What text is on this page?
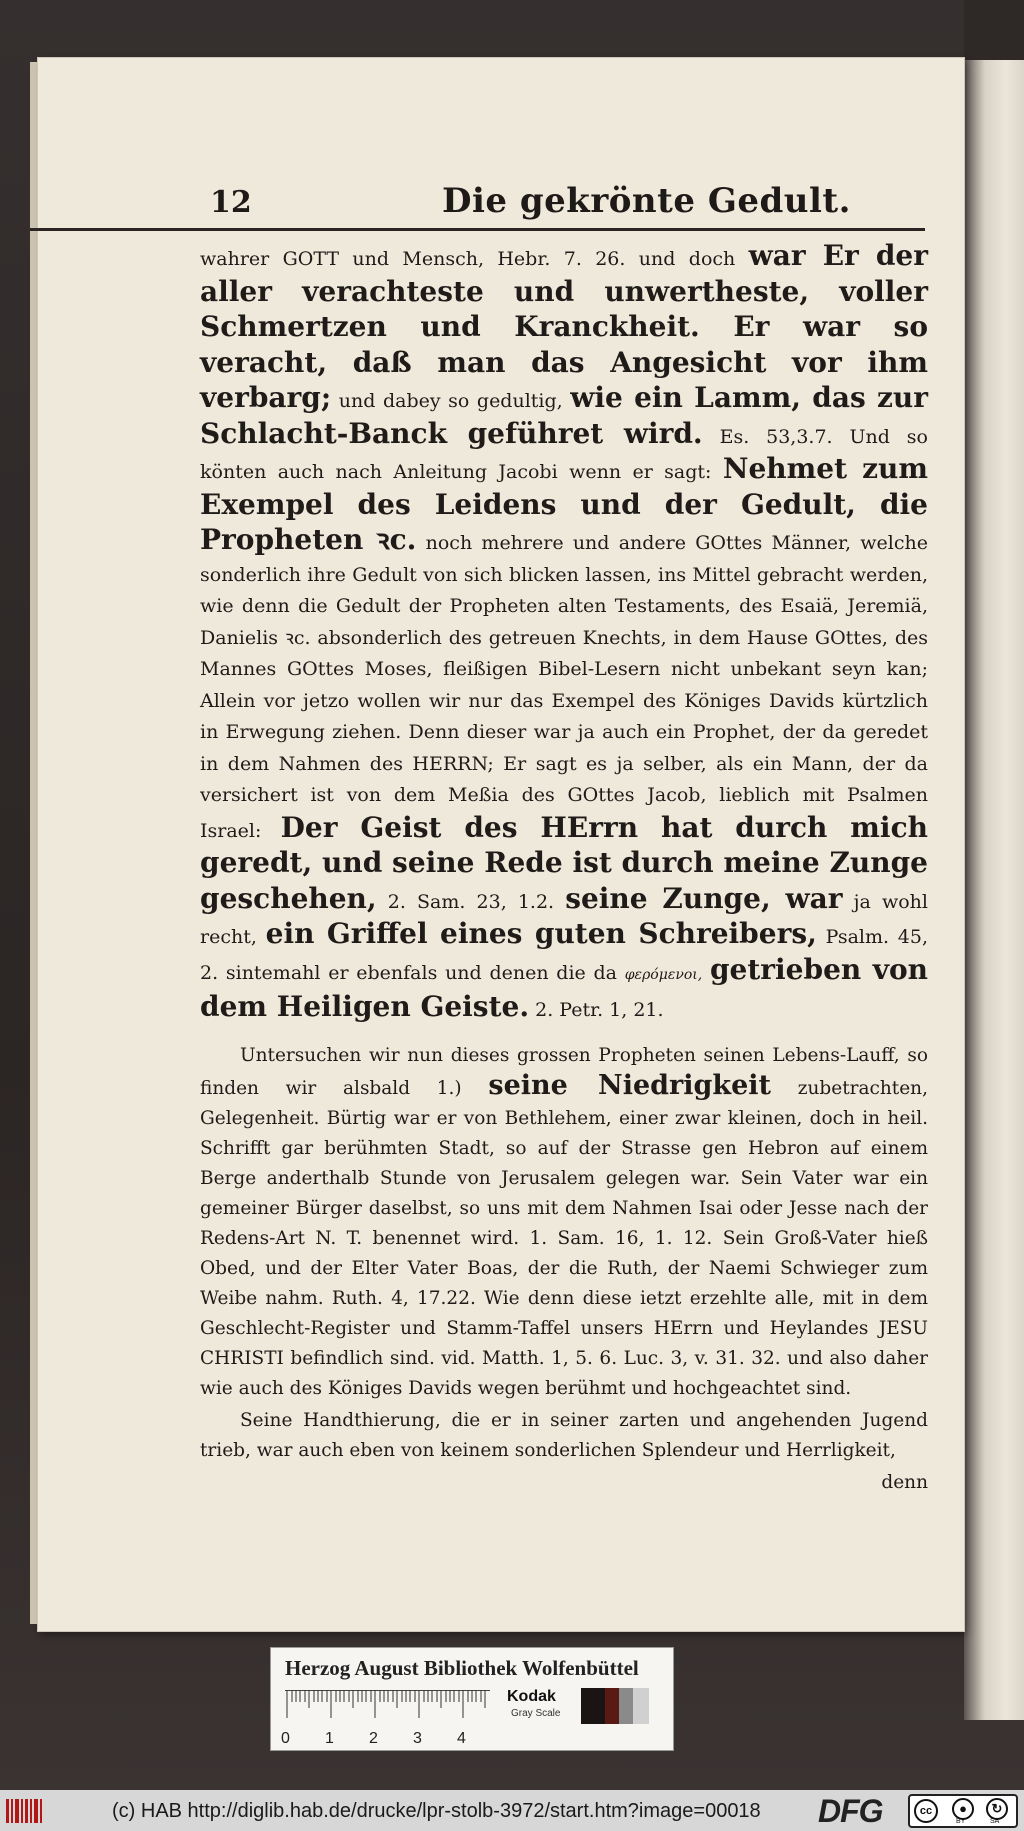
12	Die gekrönte Gedult.

wahrer GOTT und Mensch, Hebr. 7. 26. und doch war Er der aller verachteste und unwertheste, voller Schmertzen und Kranckheit. Er war so veracht, daß man das Angesicht vor ihm verbarg; und dabey so gedultig, wie ein Lamm, das zur Schlacht-Banck geführet wird. Es. 53,3.7. Und so könten auch nach Anleitung Jacobi wenn er sagt: Nehmet zum Exempel des Leidens und der Gedult, die Propheten ꝛc. noch mehrere und andere GOttes Männer, welche sonderlich ihre Gedult von sich blicken lassen, ins Mittel gebracht werden, wie denn die Gedult der Propheten alten Testaments, des Esaiä, Jeremiä, Danielis ꝛc. absonderlich des getreuen Knechts, in dem Hause GOttes, des Mannes GOttes Moses, fleißigen Bibel-Lesern nicht unbekant seyn kan; Allein vor jetzo wollen wir nur das Exempel des Königes Davids kürtzlich in Erwegung ziehen. Denn dieser war ja auch ein Prophet, der da geredet in dem Nahmen des HERRN; Er sagt es ja selber, als ein Mann, der da versichert ist von dem Meßia des GOttes Jacob, lieblich mit Psalmen Israel: Der Geist des HErrn hat durch mich geredt, und seine Rede ist durch meine Zunge geschehen, 2. Sam. 23, 1.2. seine Zunge, war ja wohl recht, ein Griffel eines guten Schreibers, Psalm. 45, 2. sintemahl er ebenfals und denen die da φερόμενοι, getrieben von dem Heiligen Geiste. 2. Petr. 1, 21.

Untersuchen wir nun dieses grossen Propheten seinen Lebens-Lauff, so finden wir alsbald 1.) seine Niedrigkeit zubetrachten, Gelegenheit. Bürtig war er von Bethlehem, einer zwar kleinen, doch in heil. Schrifft gar berühmten Stadt, so auf der Strasse gen Hebron auf einem Berge anderthalb Stunde von Jerusalem gelegen war. Sein Vater war ein gemeiner Bürger daselbst, so uns mit dem Nahmen Isai oder Jesse nach der Redens-Art N. T. benennet wird. 1. Sam. 16, 1. 12. Sein Groß-Vater hieß Obed, und der Elter Vater Boas, der die Ruth, der Naemi Schwieger zum Weibe nahm. Ruth. 4, 17.22. Wie denn diese ietzt erzehlte alle, mit in dem Geschlecht-Register und Stamm-Taffel unsers HErrn und Heylandes JESU CHRISTI befindlich sind. vid. Matth. 1, 5. 6. Luc. 3, v. 31. 32. und also daher wie auch des Königes Davids wegen berühmt und hochgeachtet sind.

Seine Handthierung, die er in seiner zarten und angehenden Jugend trieb, war auch eben von keinem sonderlichen Splendeur und Herrligkeit,

denn
Herzog August Bibliothek Wolfenbüttel
0 1 2 3 4
Kodak
Gray Scale
(c) HAB http://diglib.hab.de/drucke/lpr-stolb-3972/start.htm?image=00018 DFG	cc	●	↻
BY	SA
